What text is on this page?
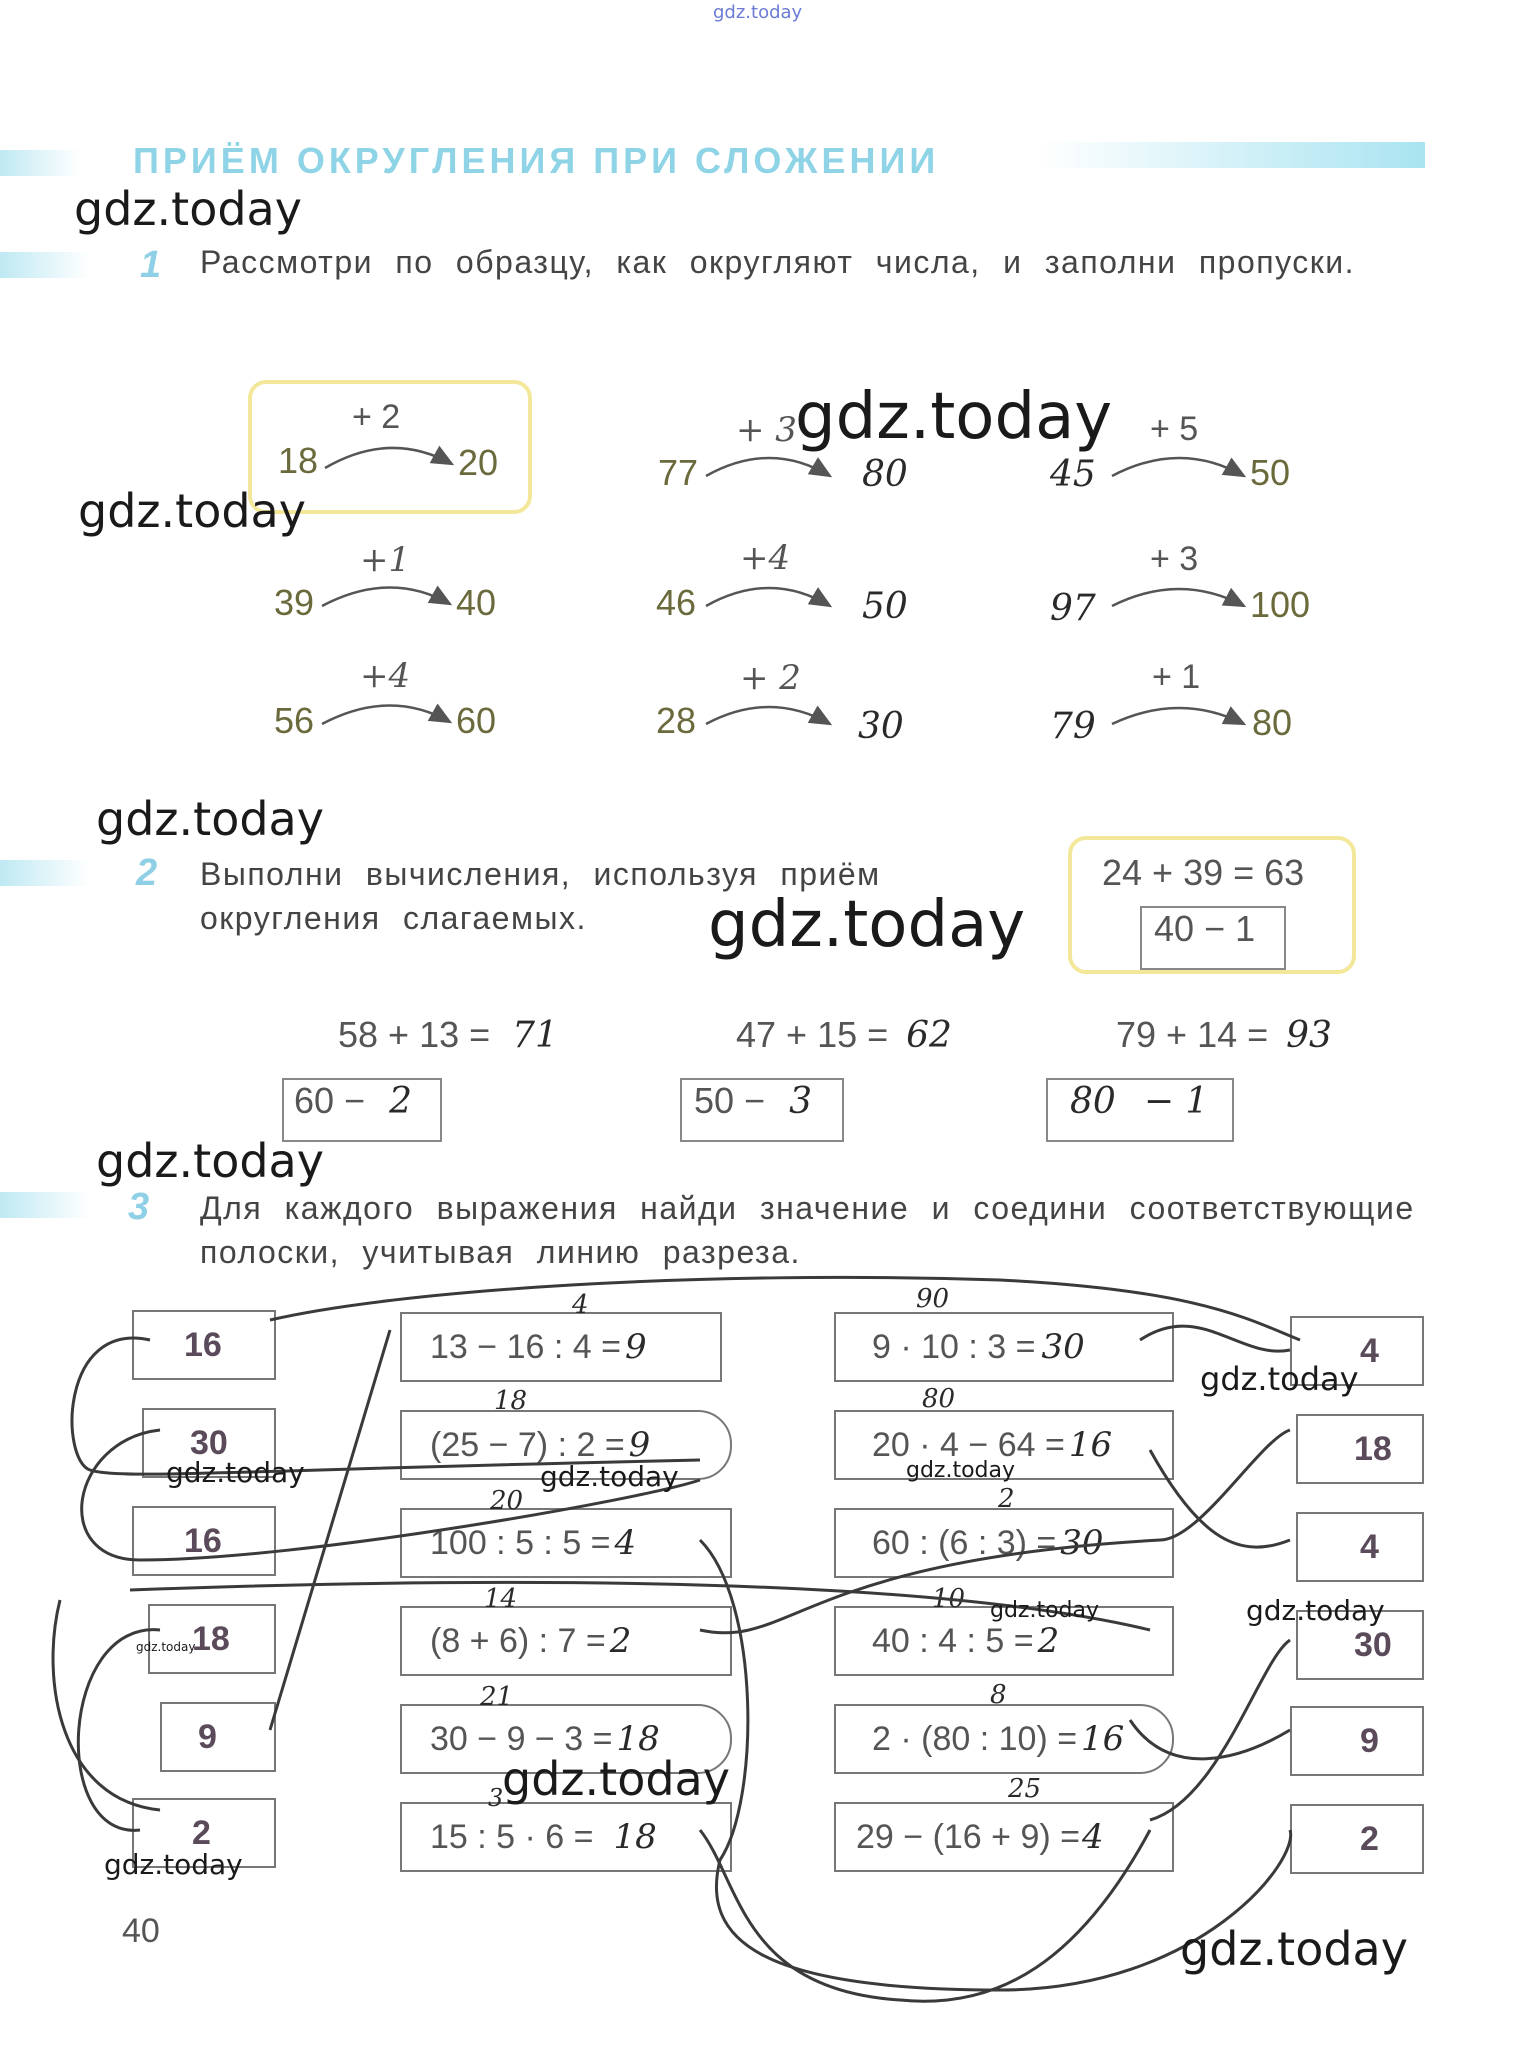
gdz.today
ПРИЁМ ОКРУГЛЕНИЯ ПРИ СЛОЖЕНИИ
1 Рассмотри по образцу, как округляют числа, и заполни пропуски.
+ 2
18	20
+1
39	40
+4
56	60
+ 3
77	80
+4
46	50
+ 2
28	30
+ 5
45	50
+ 3
97	100
+ 1
79	80
2 Выполни вычисления, используя приём округления слагаемых.
24 + 39 = 63
40 − 1
58 + 13 = 71
60 − 2
47 + 15 = 62
50 − 3
79 + 14 = 93
80 − 1
3 Для каждого выражения найди значение и соедини соответствующие полоски, учитывая линию разреза.
16
30
16
18
9
2
13 − 16 : 4 = 9
4
(25 − 7) : 2 = 9
18
100 : 5 : 5 = 4
20
(8 + 6) : 7 = 2
14
30 − 9 − 3 = 18
21
15 : 5 · 6 = 18
3
9 · 10 : 3 = 30
90
20 · 4 − 64 = 16
80
60 : (6 : 3) = 30
2
40 : 4 : 5 = 2
10
2 · (80 : 10) = 16
8
29 − (16 + 9) = 4
25
4
18
4
30
9
2
40
gdz.today
gdz.today
gdz.today
gdz.today
gdz.today
gdz.today
gdz.today
gdz.today	gdz.today	gdz.today
gdz.today	gdz.today
gdz.today
gdz.today
gdz.today
gdz.today
